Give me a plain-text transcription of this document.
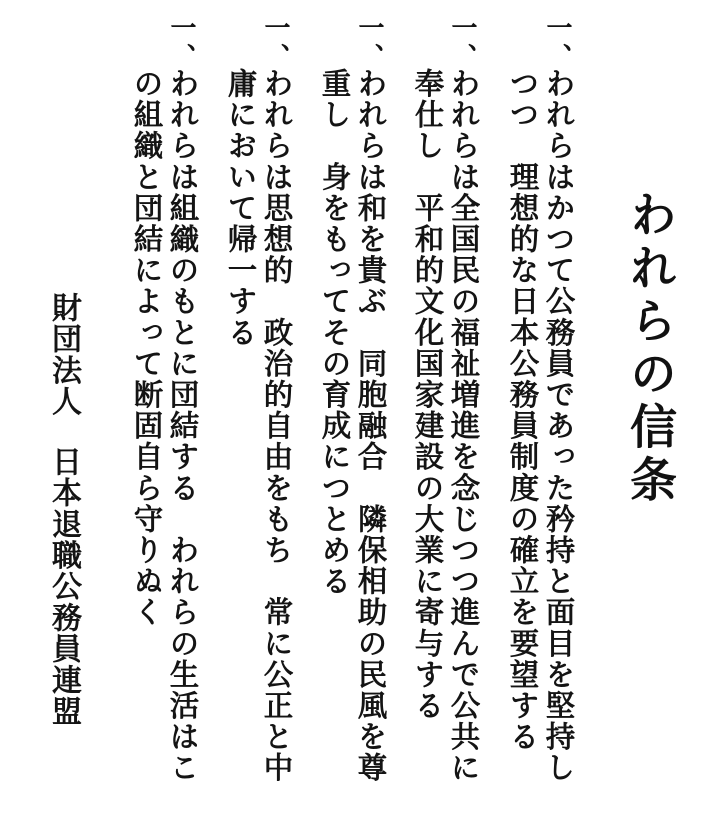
われらの信条
一、
われらはかつて公務員であった矜持と面目を堅持し
つつ　理想的な日本公務員制度の確立を要望する
一、
われらは全国民の福祉増進を念じつつ進んで公共に
奉仕し　平和的文化国家建設の大業に寄与する
一、
われらは和を貴ぶ　同胞融合　隣保相助の民風を尊
重し　身をもってその育成につとめる
一、
われらは思想的　政治的自由をもち　常に公正と中
庸において帰一する
一、
われらは組織のもとに団結する　われらの生活はこ
の組織と団結によって断固自ら守りぬく
財団法人
日本退職公務員連盟
